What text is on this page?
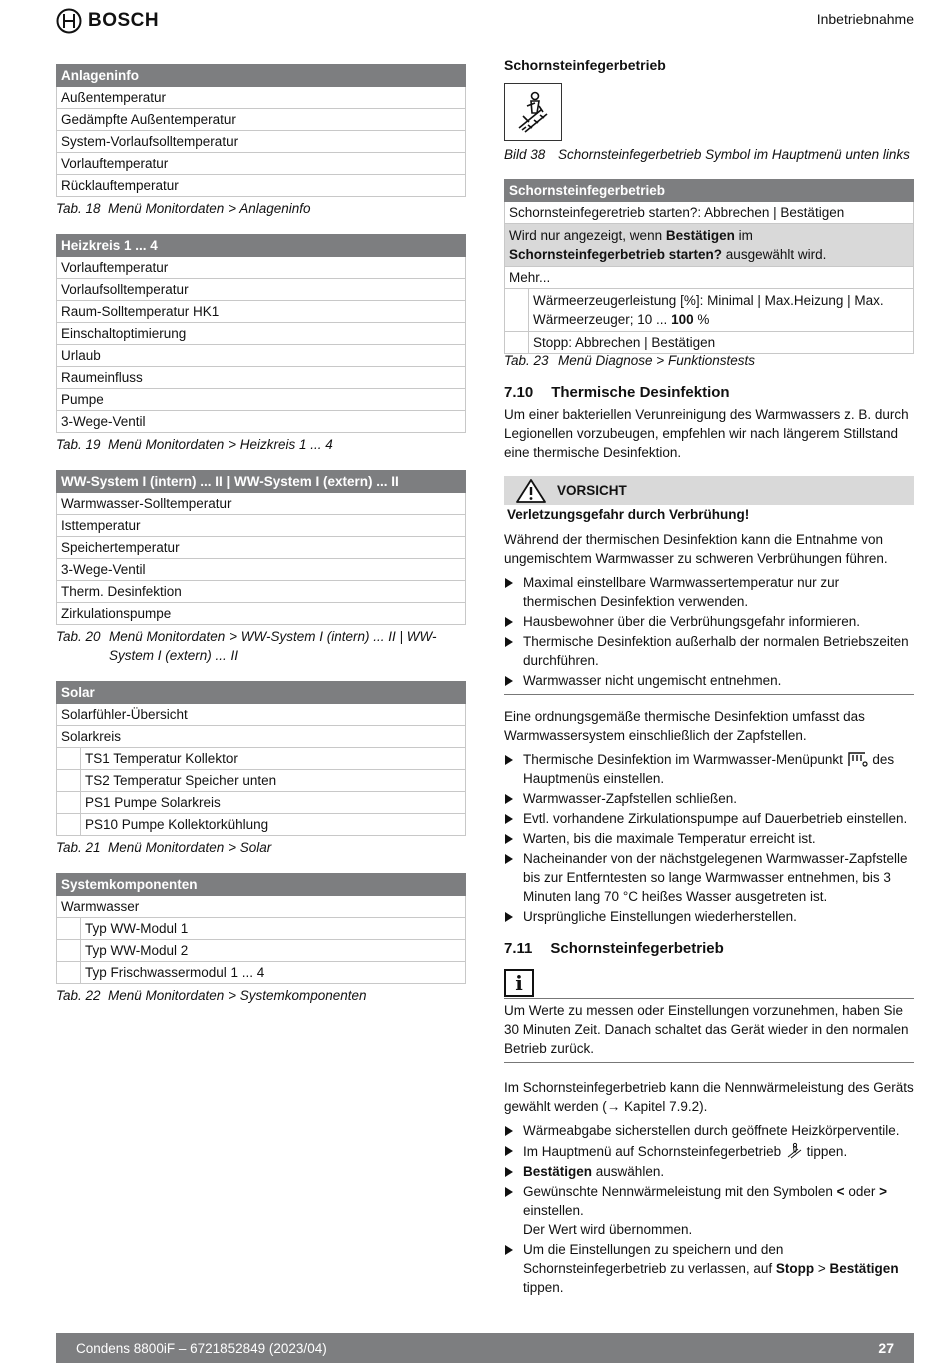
BOSCH	Inbetriebnahme
Anlageninfo
Außentemperatur
Gedämpfte Außentemperatur
System-Vorlaufsolltemperatur
Vorlauftemperatur
Rücklauftemperatur
Tab. 18 Menü Monitordaten > Anlageninfo
Heizkreis 1 ... 4
Vorlauftemperatur
Vorlaufsolltemperatur
Raum-Solltemperatur HK1
Einschaltoptimierung
Urlaub
Raumeinfluss
Pumpe
3-Wege-Ventil
Tab. 19 Menü Monitordaten > Heizkreis 1 ... 4
WW-System I (intern) ... II | WW-System I (extern) ... II
Warmwasser-Solltemperatur
Isttemperatur
Speichertemperatur
3-Wege-Ventil
Therm. Desinfektion
Zirkulationspumpe
Tab. 20 Menü Monitordaten > WW-System I (intern) ... II | WW-System I (extern) ... II
Solar	
Solarfühler-Übersicht	
Solarkreis	
	TS1 Temperatur Kollektor
	TS2 Temperatur Speicher unten
	PS1 Pumpe Solarkreis
	PS10 Pumpe Kollektorkühlung
Tab. 21 Menü Monitordaten > Solar
Systemkomponenten	
Warmwasser	
	Typ WW-Modul 1
	Typ WW-Modul 2
	Typ Frischwassermodul 1 ... 4
Tab. 22 Menü Monitordaten > Systemkomponenten
Schornsteinfegerbetrieb
Bild 38 Schornsteinfegerbetrieb Symbol im Hauptmenü unten links
Schornsteinfegerbetrieb	
Schornsteinfegeretrieb starten?: Abbrechen | Bestätigen	
Wird nur angezeigt, wenn Bestätigen im Schornsteinfegerbetrieb starten? ausgewählt wird.	
Mehr...	
	Wärmeerzeugerleistung [%]: Minimal | Max.Heizung | Max. Wärmeerzeuger; 10 ... 100 %
	Stopp: Abbrechen | Bestätigen
Tab. 23 Menü Diagnose > Funktionstests
7.10 Thermische Desinfektion
Um einer bakteriellen Verunreinigung des Warmwassers z. B. durch Legionellen vorzubeugen, empfehlen wir nach längerem Stillstand eine thermische Desinfektion.
VORSICHT
Verletzungsgefahr durch Verbrühung!
Während der thermischen Desinfektion kann die Entnahme von ungemischtem Warmwasser zu schweren Verbrühungen führen.
Maximal einstellbare Warmwassertemperatur nur zur thermischen Desinfektion verwenden.
Hausbewohner über die Verbrühungsgefahr informieren.
Thermische Desinfektion außerhalb der normalen Betriebszeiten durchführen.
Warmwasser nicht ungemischt entnehmen.
Eine ordnungsgemäße thermische Desinfektion umfasst das Warmwassersystem einschließlich der Zapfstellen.
Thermische Desinfektion im Warmwasser-Menüpunkt  des Hauptmenüs einstellen.
Warmwasser-Zapfstellen schließen.
Evtl. vorhandene Zirkulationspumpe auf Dauerbetrieb einstellen.
Warten, bis die maximale Temperatur erreicht ist.
Nacheinander von der nächstgelegenen Warmwasser-Zapfstelle bis zur Entferntesten so lange Warmwasser entnehmen, bis 3 Minuten lang 70 °C heißes Wasser ausgetreten ist.
Ursprüngliche Einstellungen wiederherstellen.
7.11 Schornsteinfegerbetrieb
i
Um Werte zu messen oder Einstellungen vorzunehmen, haben Sie 30 Minuten Zeit. Danach schaltet das Gerät wieder in den normalen Betrieb zurück.
Im Schornsteinfegerbetrieb kann die Nennwärmeleistung des Geräts gewählt werden (→ Kapitel 7.9.2).
Wärmeabgabe sicherstellen durch geöffnete Heizkörperventile.
Im Hauptmenü auf Schornsteinfegerbetrieb  tippen.
Bestätigen auswählen.
Gewünschte Nennwärmeleistung mit den Symbolen < oder > einstellen.
Der Wert wird übernommen.
Um die Einstellungen zu speichern und den Schornsteinfegerbetrieb zu verlassen, auf Stopp > Bestätigen tippen.
Condens 8800iF – 6721852849 (2023/04)	27
